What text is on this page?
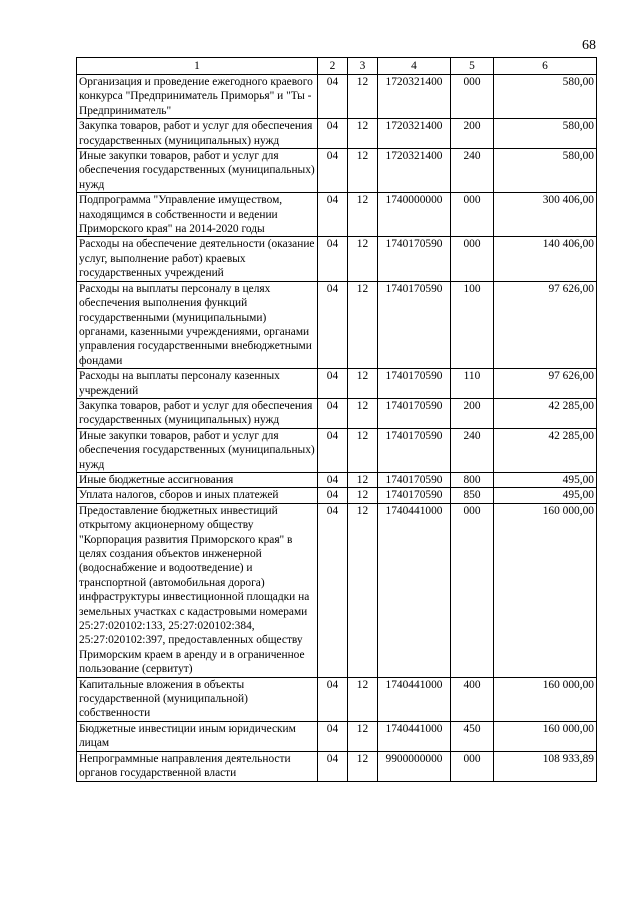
68
1	2	3	4	5	6
Организация и проведение ежегодного краевого конкурса "Предприниматель Приморья" и "Ты - Предприниматель"	04	12	1720321400	000	580,00
Закупка товаров, работ и услуг для обеспечения государственных (муниципальных) нужд	04	12	1720321400	200	580,00
Иные закупки товаров, работ и услуг для обеспечения государственных (муниципальных) нужд	04	12	1720321400	240	580,00
Подпрограмма "Управление имуществом, находящимся в собственности и ведении Приморского края" на 2014-2020 годы	04	12	1740000000	000	300 406,00
Расходы на обеспечение деятельности (оказание услуг, выполнение работ) краевых государственных учреждений	04	12	1740170590	000	140 406,00
Расходы на выплаты персоналу в целях обеспечения выполнения функций государственными (муниципальными) органами, казенными учреждениями, органами управления государственными внебюджетными фондами	04	12	1740170590	100	97 626,00
Расходы на выплаты персоналу казенных учреждений	04	12	1740170590	110	97 626,00
Закупка товаров, работ и услуг для обеспечения государственных (муниципальных) нужд	04	12	1740170590	200	42 285,00
Иные закупки товаров, работ и услуг для обеспечения государственных (муниципальных) нужд	04	12	1740170590	240	42 285,00
Иные бюджетные ассигнования	04	12	1740170590	800	495,00
Уплата налогов, сборов и иных платежей	04	12	1740170590	850	495,00
Предоставление бюджетных инвестиций открытому акционерному обществу "Корпорация развития Приморского края" в целях создания объектов инженерной (водоснабжение и водоотведение) и транспортной (автомобильная дорога) инфраструктуры инвестиционной площадки на земельных участках с кадастровыми номерами 25:27:020102:133, 25:27:020102:384, 25:27:020102:397, предоставленных обществу Приморским краем в аренду и в ограниченное пользование (сервитут)	04	12	1740441000	000	160 000,00
Капитальные вложения в объекты государственной (муниципальной) собственности	04	12	1740441000	400	160 000,00
Бюджетные инвестиции иным юридическим лицам	04	12	1740441000	450	160 000,00
Непрограммные направления деятельности органов государственной власти	04	12	9900000000	000	108 933,89
